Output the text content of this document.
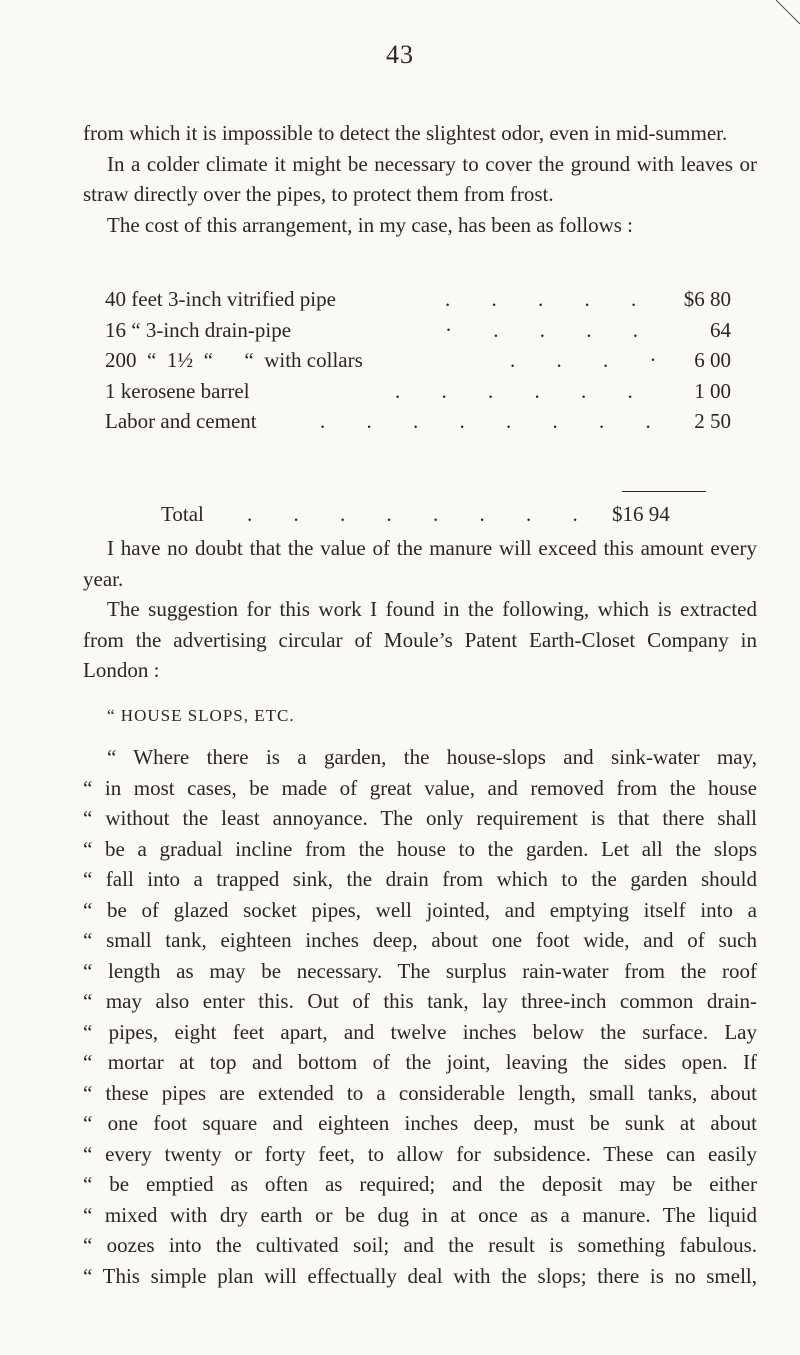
43

from which it is impossible to detect the slightest odor, even in mid-summer.

In a colder climate it might be necessary to cover the ground with leaves or straw directly over the pipes, to protect them from frost.

The cost of this arrangement, in my case, has been as follows :

40 feet 3-inch vitrified pipe	. . . . . $6 80
16 “ 3-inch drain-pipe	· . . . .	64
200  “  1½  “      “  with collars	. . . · 6 00
1 kerosene barrel	. . . . . . 1 00
Labor and cement	. . . . . . . . 2 50
Total . . . . . . . . $16 94

I have no doubt that the value of the manure will exceed this amount every year.

The suggestion for this work I found in the following, which is extracted from the advertising circular of Moule’s Patent Earth-Closet Company in London :

“ HOUSE SLOPS, ETC.
“ Where there is a garden, the house-slops and sink-water may,
“ in most cases, be made of great value, and removed from the house
“ without the least annoyance. The only requirement is that there shall
“ be a gradual incline from the house to the garden. Let all the slops
“ fall into a trapped sink, the drain from which to the garden should
“ be of glazed socket pipes, well jointed, and emptying itself into a
“ small tank, eighteen inches deep, about one foot wide, and of such
“ length as may be necessary. The surplus rain-water from the roof
“ may also enter this. Out of this tank, lay three-inch common drain-
“ pipes, eight feet apart, and twelve inches below the surface. Lay
“ mortar at top and bottom of the joint, leaving the sides open. If
“ these pipes are extended to a considerable length, small tanks, about
“ one foot square and eighteen inches deep, must be sunk at about
“ every twenty or forty feet, to allow for subsidence. These can easily
“ be emptied as often as required; and the deposit may be either
“ mixed with dry earth or be dug in at once as a manure. The liquid
“ oozes into the cultivated soil; and the result is something fabulous.
“ This simple plan will effectually deal with the slops; there is no smell,
